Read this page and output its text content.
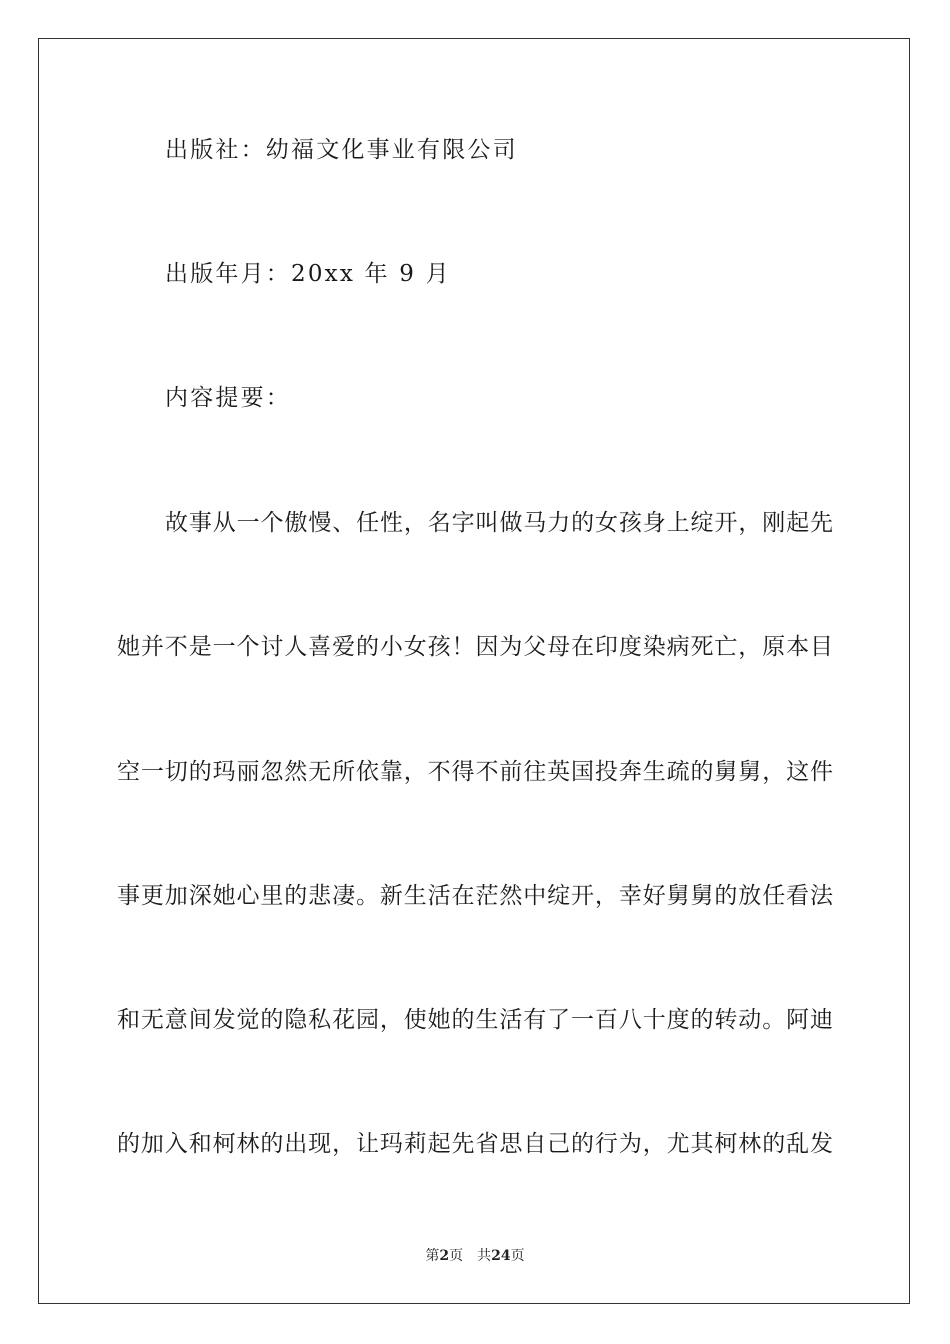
出版社：幼福文化事业有限公司
出版年月：20xx 年 9 月
内容提要：
故事从一个傲慢、任性，名字叫做马力的女孩身上绽开，刚起先
她并不是一个讨人喜爱的小女孩！因为父母在印度染病死亡，原本目
空一切的玛丽忽然无所依靠，不得不前往英国投奔生疏的舅舅，这件
事更加深她心里的悲凄。新生活在茫然中绽开，幸好舅舅的放任看法
和无意间发觉的隐私花园，使她的生活有了一百八十度的转动。阿迪
的加入和柯林的出现，让玛莉起先省思自己的行为，尤其柯林的乱发
第2页 共24页
